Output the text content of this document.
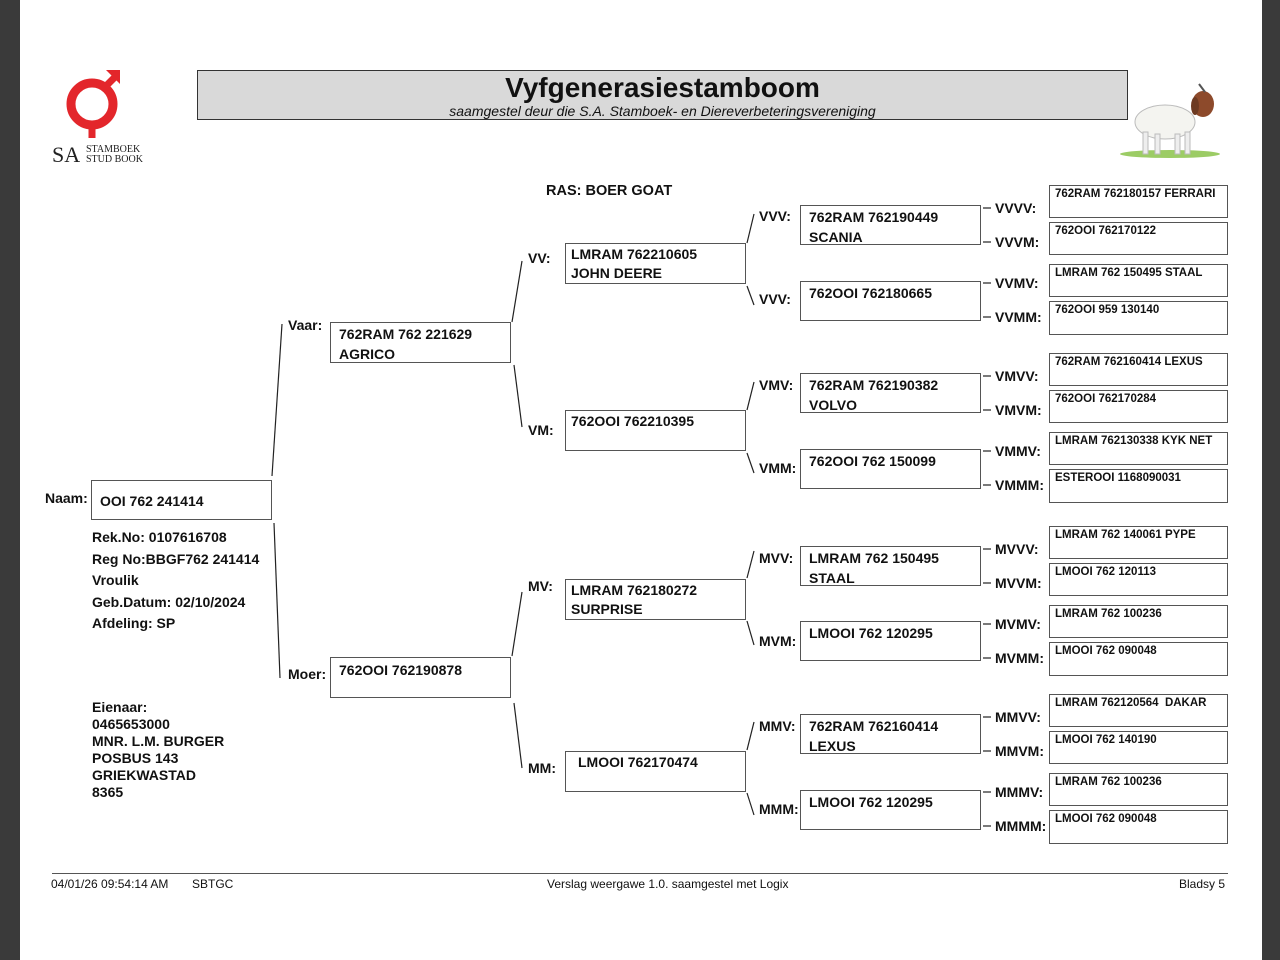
SA STAMBOEK
STUD BOOK
Vyfgenerasiestamboom
saamgestel deur die S.A. Stamboek- en Diereverbeteringsvereniging
RAS: BOER GOAT
Naam: OOI 762 241414
Rek.No: 0107616708
Reg No:BBGF762 241414
Vroulik
Geb.Datum: 02/10/2024
Afdeling: SP
Eienaar:
0465653000
MNR. L.M. BURGER
POSBUS 143
GRIEKWASTAD
8365
Vaar:
762RAM 762 221629
AGRICO
Moer: 762OOI 762190878
VV:	LMRAM 762210605
JOHN DEERE
VM:
762OOI 762210395
MV:	LMRAM 762180272
SURPRISE
MM:	LMOOI 762170474
VVV:	762RAM 762190449
SCANIA
VVV:	762OOI 762180665
VMV:	762RAM 762190382
VOLVO
VMM: 762OOI 762 150099
MVV:	LMRAM 762 150495
STAAL
MVM: LMOOI 762 120295
MMV: 762RAM 762160414
LEXUS
MMM: LMOOI 762 120295
VVVV:
762RAM 762180157 FERRARI
VVVM:
762OOI 762170122
VVMV:
LMRAM 762 150495 STAAL
VVMM:	762OOI 959 130140
VMVV:
762RAM 762160414 LEXUS
VMVM:
762OOI 762170284
VMMV:
LMRAM 762130338 KYK NET
VMMM: ESTEROOI 1168090031
MVVV:
LMRAM 762 140061 PYPE
MVVM:
LMOOI 762 120113
MVMV:
LMRAM 762 100236
MVMM: LMOOI 762 090048
MMVV:
LMRAM 762120564  DAKAR
MMVM:
LMOOI 762 140190
MMMV:
LMRAM 762 100236
MMMM: LMOOI 762 090048
04/01/26 09:54:14 AM SBTGC	Verslag weergawe 1.0. saamgestel met Logix	Bladsy 5
